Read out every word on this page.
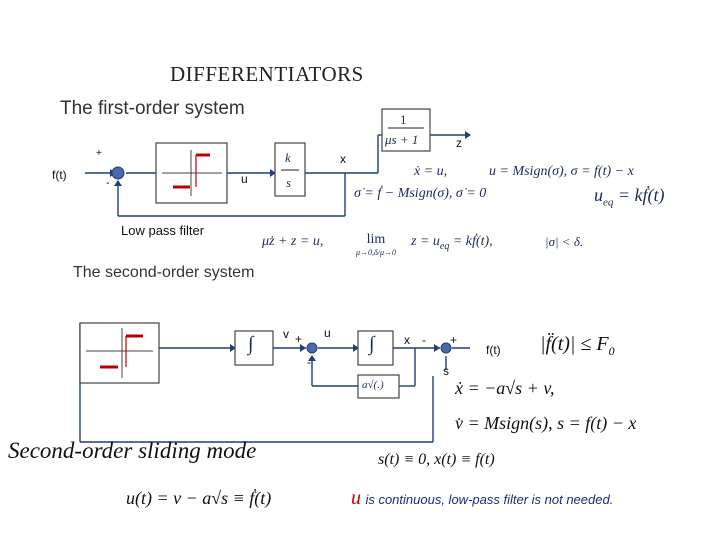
DIFFERENTIATORS
The first-order system
The second-order system
f(t)
+
-	u
k
s
x
1
μs + 1	z
Low pass filter
ẋ = u,
σ̇ = ḟ − Msign(σ), σ̇ = 0
u = Msign(σ), σ = f(t) − x
$u_{eq}$ = kḟ(t)
μż + z = u,	lim
μ→0,δ/μ→0
$z = u_{eq}$ = kḟ(t),	|σ| < δ.
∫ v +
-
u ∫ x - +
s
f(t)
a√(.)
|f̈(t)| ≤ $F_0$
ẋ = −a√s + v,
v̇ = Msign(s), s = f(t) − x
Second-order sliding mode	s(t) ≡ 0, x(t) ≡ f(t)
u(t) = v − a√s ≡ ḟ(t)	u is continuous, low-pass filter is not needed.
